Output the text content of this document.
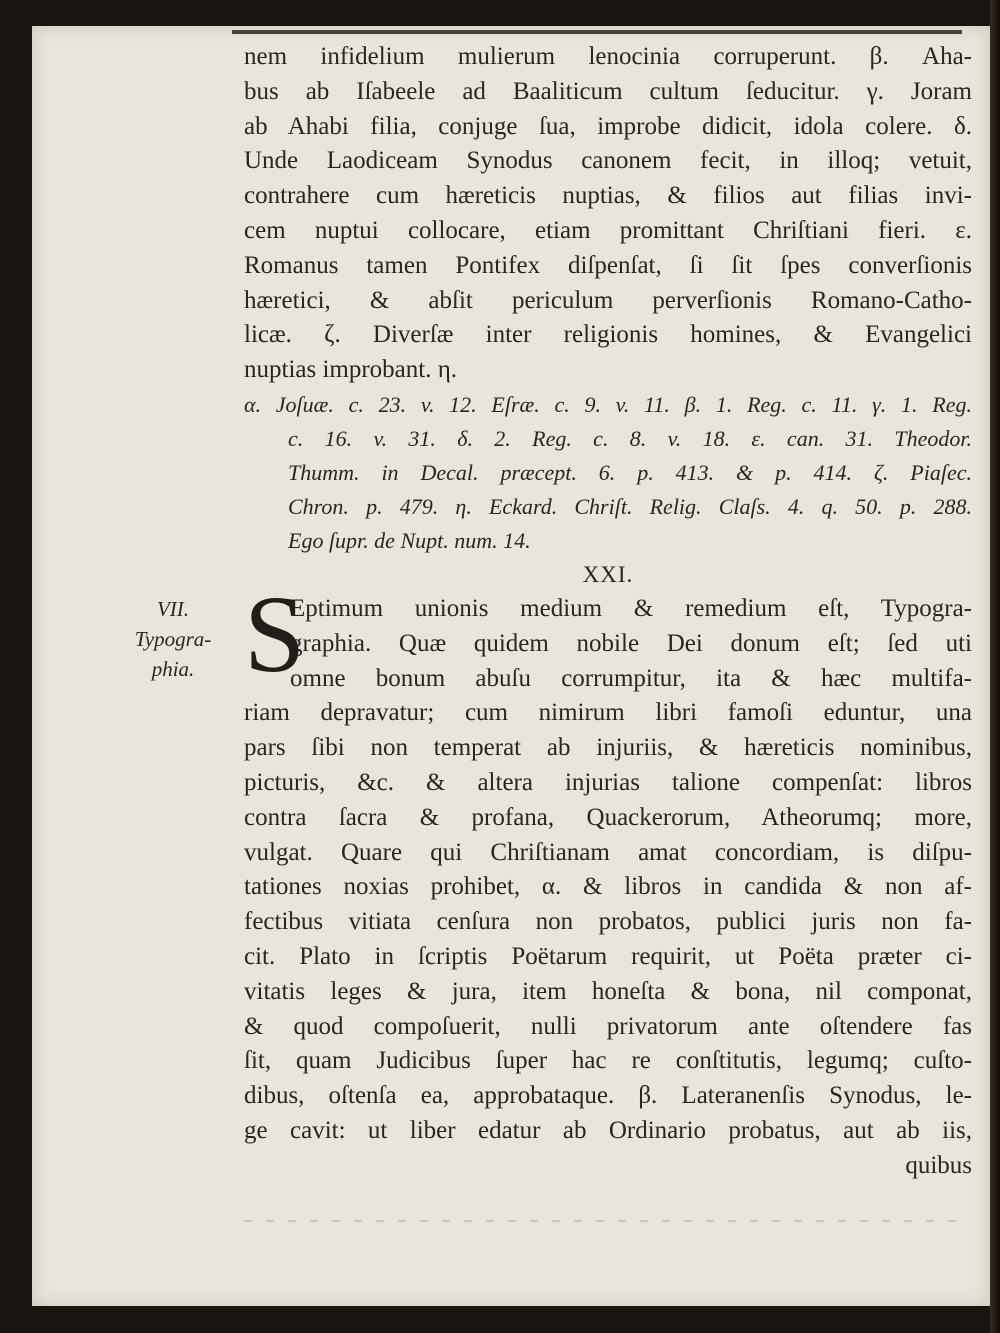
VII.
Typogra-
phia.
nem infidelium mulierum lenocinia corruperunt. β. Aha-
bus ab Iſabeele ad Baaliticum cultum ſeducitur. γ. Joram
ab Ahabi filia, conjuge ſua, improbe didicit, idola colere. δ.
Unde Laodiceam Synodus canonem fecit, in illoq; vetuit,
contrahere cum hæreticis nuptias, & filios aut filias invi-
cem nuptui collocare, etiam promittant Chriſtiani fieri. ε.
Romanus tamen Pontifex diſpenſat, ſi ſit ſpes converſionis
hæretici, & abſit periculum perverſionis Romano-Catho-
licæ. ζ. Diverſæ inter religionis homines, & Evangelici
nuptias improbant. η.
α. Joſuæ. c. 23. v. 12. Eſræ. c. 9. v. 11. β. 1. Reg. c. 11. γ. 1. Reg.
c. 16. v. 31. δ. 2. Reg. c. 8. v. 18. ε. can. 31. Theodor.
Thumm. in Decal. præcept. 6. p. 413. & p. 414. ζ. Piaſec.
Chron. p. 479. η. Eckard. Chriſt. Relig. Claſs. 4. q. 50. p. 288.
Ego ſupr. de Nupt. num. 14.
XXI.
S
Eptimum unionis medium & remedium eſt, Typogra-
graphia. Quæ quidem nobile Dei donum eſt; ſed uti
omne bonum abuſu corrumpitur, ita & hæc multifa-
riam depravatur; cum nimirum libri famoſi eduntur, una
pars ſibi non temperat ab injuriis, & hæreticis nominibus,
picturis, &c. & altera injurias talione compenſat: libros
contra ſacra & profana, Quackerorum, Atheorumq; more,
vulgat. Quare qui Chriſtianam amat concordiam, is diſpu-
tationes noxias prohibet, α. & libros in candida & non af-
fectibus vitiata cenſura non probatos, publici juris non fa-
cit. Plato in ſcriptis Poëtarum requirit, ut Poëta præter ci-
vitatis leges & jura, item honeſta & bona, nil componat,
& quod compoſuerit, nulli privatorum ante oſtendere fas
ſit, quam Judicibus ſuper hac re conſtitutis, legumq; cuſto-
dibus, oſtenſa ea, approbataque. β. Lateranenſis Synodus, le-
ge cavit: ut liber edatur ab Ordinario probatus, aut ab iis,
quibus
